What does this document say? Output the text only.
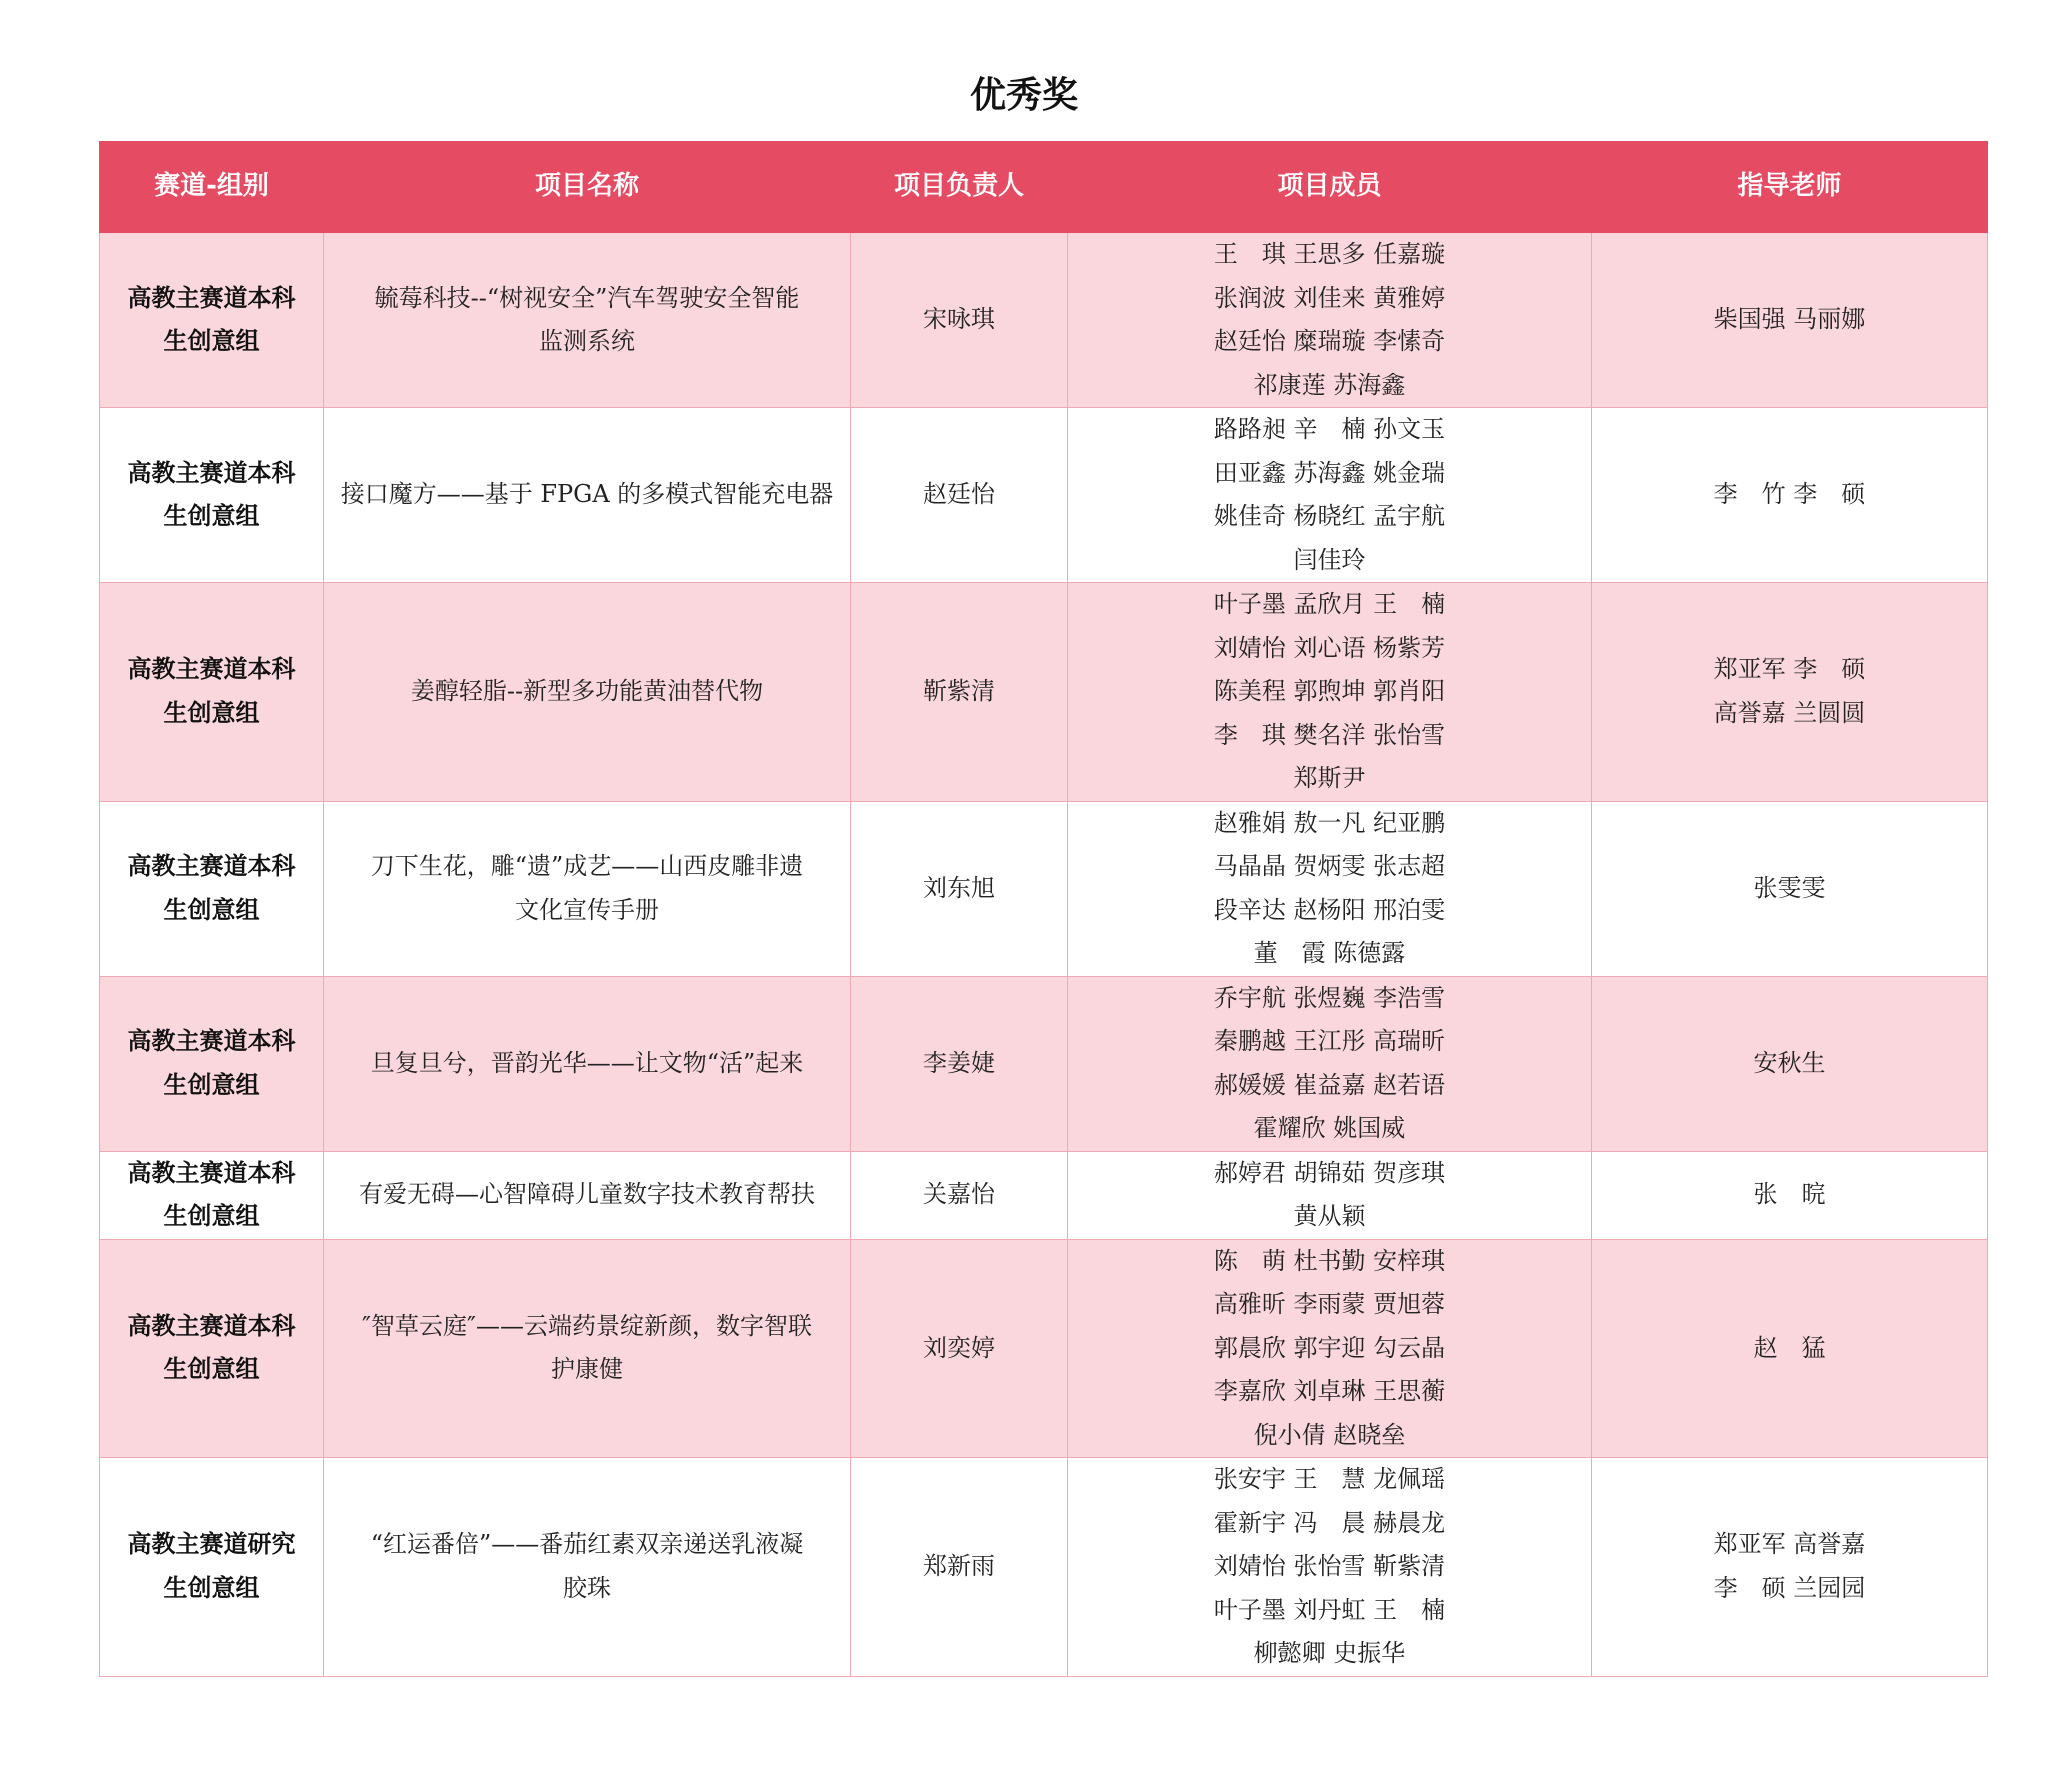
优秀奖
赛道-组别	项目名称	项目负责人	项目成员	指导老师

高教主赛道本科
生创意组	毓莓科技--“树视安全”汽车驾驶安全智能
监测系统	宋咏琪	王　琪 王思多 任嘉璇
张润波 刘佳来 黄雅婷
赵廷怡 糜瑞璇 李愫奇
祁康莲 苏海鑫	柴国强 马丽娜

高教主赛道本科
生创意组	接口魔方——基于 FPGA 的多模式智能充电器	赵廷怡	路路昶 辛　楠 孙文玉
田亚鑫 苏海鑫 姚金瑞
姚佳奇 杨晓红 孟宇航
闫佳玲	李　竹 李　硕

高教主赛道本科
生创意组	姜醇轻脂--新型多功能黄油替代物	靳紫清	叶子墨 孟欣月 王　楠
刘婧怡 刘心语 杨紫芳
陈美程 郭煦坤 郭肖阳
李　琪 樊名洋 张怡雪
郑斯尹	郑亚军 李　硕
高誉嘉 兰圆圆

高教主赛道本科
生创意组	刀下生花，雕“遗”成艺——山西皮雕非遗
文化宣传手册	刘东旭	赵雅娟 敖一凡 纪亚鹏
马晶晶 贺炳雯 张志超
段辛达 赵杨阳 邢泊雯
董　霞 陈德露	张雯雯

高教主赛道本科
生创意组	旦复旦兮，晋韵光华——让文物“活”起来	李姜婕	乔宇航 张煜巍 李浩雪
秦鹏越 王江彤 高瑞昕
郝媛媛 崔益嘉 赵若语
霍耀欣 姚国威	安秋生

高教主赛道本科
生创意组	有爱无碍—心智障碍儿童数字技术教育帮扶	关嘉怡	郝婷君 胡锦茹 贺彦琪
黄从颖	张　晥

高教主赛道本科
生创意组	″智草云庭″——云端药景绽新颜，数字智联
护康健	刘奕婷	陈　萌 杜书勤 安梓琪
高雅昕 李雨蒙 贾旭蓉
郭晨欣 郭宇迎 勾云晶
李嘉欣 刘卓琳 王思蘅
倪小倩 赵晓垒	赵　猛

高教主赛道研究
生创意组	“红运番倍”——番茄红素双亲递送乳液凝
胶珠	郑新雨	张安宇 王　慧 龙佩瑶
霍新宇 冯　晨 赫晨龙
刘婧怡 张怡雪 靳紫清
叶子墨 刘丹虹 王　楠
柳懿卿 史振华	郑亚军 高誉嘉
李　硕 兰园园
